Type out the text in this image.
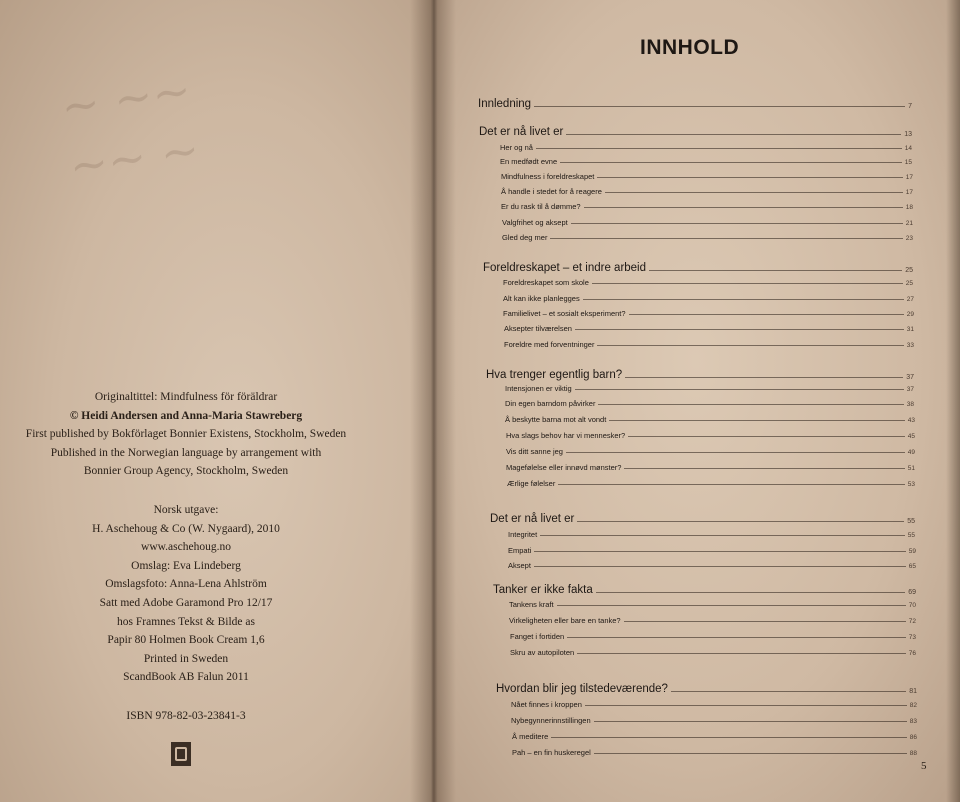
~ ~~
~~ ~
Originaltittel: Mindfulness för föräldrar
© Heidi Andersen and Anna-Maria Stawreberg
First published by Bokförlaget Bonnier Existens, Stockholm, Sweden
Published in the Norwegian language by arrangement with
Bonnier Group Agency, Stockholm, Sweden
Norsk utgave:
H. Aschehoug & Co (W. Nygaard), 2010
www.aschehoug.no
Omslag: Eva Lindeberg
Omslagsfoto: Anna-Lena Ahlström
Satt med Adobe Garamond Pro 12/17
hos Framnes Tekst & Bilde as
Papir 80 Holmen Book Cream 1,6
Printed in Sweden
ScandBook AB Falun 2011
ISBN 978-82-03-23841-3
INNHOLD
Innledning	7
Det er nå livet er	13
Her og nå	14
En medfødt evne	15
Mindfulness i foreldreskapet	17
Å handle i stedet for å reagere	17
Er du rask til å dømme?	18
Valgfrihet og aksept	21
Gled deg mer	23
Foreldreskapet – et indre arbeid	25
Foreldreskapet som skole	25
Alt kan ikke planlegges	27
Familielivet – et sosialt eksperiment?	29
Aksepter tilværelsen	31
Foreldre med forventninger	33
Hva trenger egentlig barn?	37
Intensjonen er viktig	37
Din egen barndom påvirker	38
Å beskytte barna mot alt vondt	43
Hva slags behov har vi mennesker?	45
Vis ditt sanne jeg	49
Magefølelse eller innøvd mønster?	51
Ærlige følelser	53
Det er nå livet er	55
Integritet	55
Empati	59
Aksept	65
Tanker er ikke fakta	69
Tankens kraft	70
Virkeligheten eller bare en tanke?	72
Fanget i fortiden	73
Skru av autopiloten	76
Hvordan blir jeg tilstedeværende?	81
Nået finnes i kroppen	82
Nybegynnerinnstillingen	83
Å meditere	86
Pah – en fin huskeregel	88
5
